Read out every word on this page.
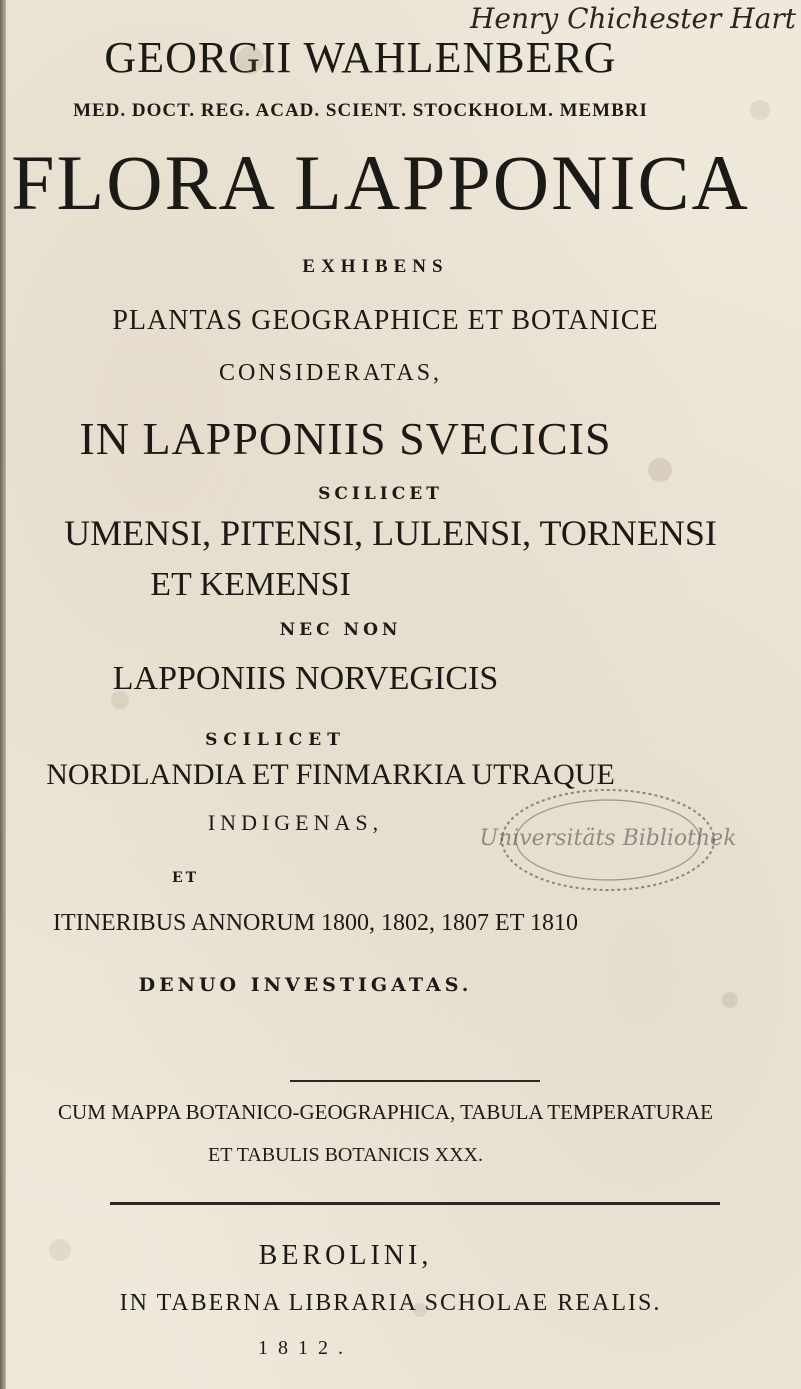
Henry Chichester Hart
GEORGII WAHLENBERG
MED. DOCT. REG. ACAD. SCIENT. STOCKHOLM. MEMBRI
FLORA LAPPONICA
EXHIBENS
PLANTAS GEOGRAPHICE ET BOTANICE
CONSIDERATAS,
IN LAPPONIIS SVECICIS
SCILICET
UMENSI, PITENSI, LULENSI, TORNENSI
ET KEMENSI
NEC NON
LAPPONIIS NORVEGICIS
SCILICET
NORDLANDIA ET FINMARKIA UTRAQUE
INDIGENAS,
ET
ITINERIBUS ANNORUM 1800, 1802, 1807 ET 1810
DENUO INVESTIGATAS.
Universitäts Bibliothek
CUM MAPPA BOTANICO-GEOGRAPHICA, TABULA TEMPERATURAE
ET TABULIS BOTANICIS XXX.
BEROLINI,
IN TABERNA LIBRARIA SCHOLAE REALIS.
1812.
